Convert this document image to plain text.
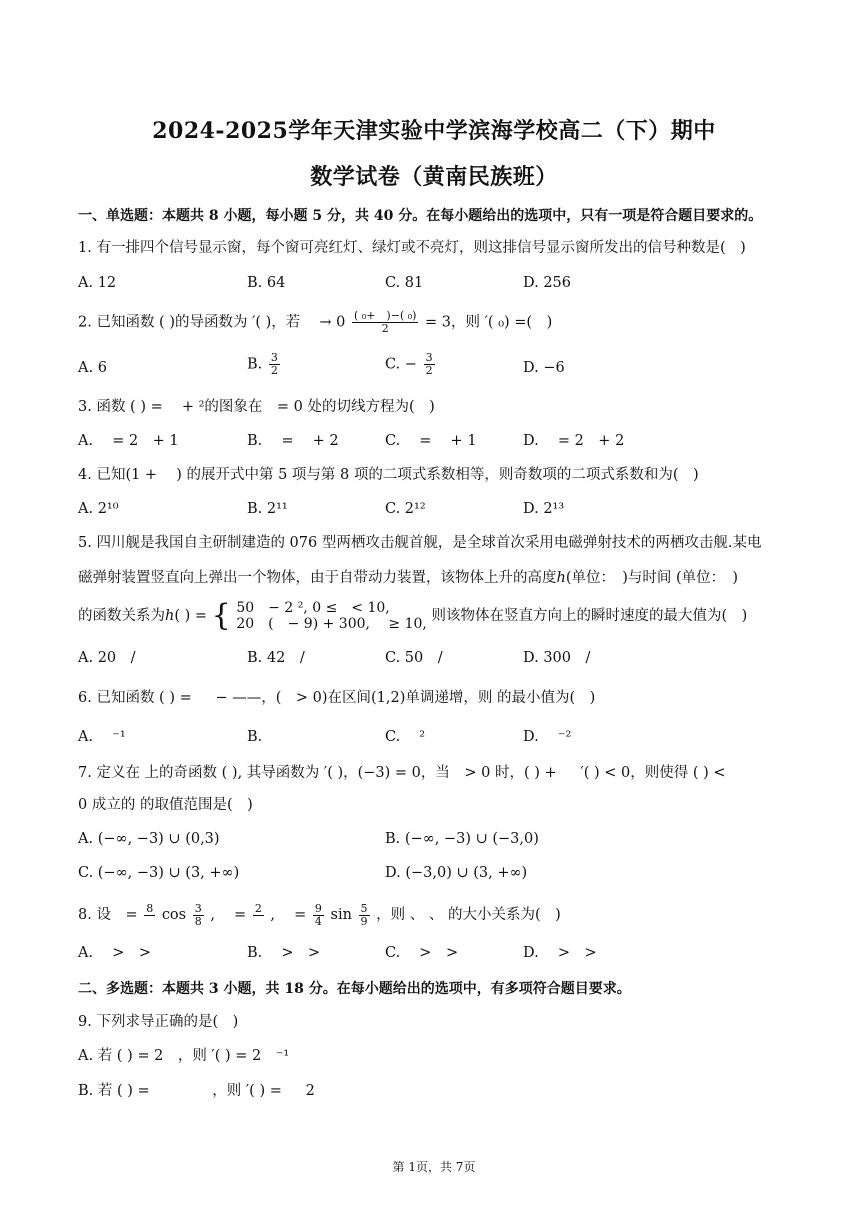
2024-2025学年天津实验中学滨海学校高二（下）期中
数学试卷（黄南民族班）
一、单选题：本题共 8 小题，每小题 5 分，共 40 分。在每小题给出的选项中，只有一项是符合题目要求的。
1. 有一排四个信号显示窗，每个窗可亮红灯、绿灯或不亮灯，则这排信号显示窗所发出的信号种数是(　)
A. 12	B. 64	C. 81	D. 256
2. 已知函数 ( )的导函数为 ′( )，若　 → $0 \frac{\text{( ₀+　)−( ₀)}}{2} = 3$，则 ′( ₀) =(　)
A. 6	B. $\frac{3}{2}$	C. − $\frac{3}{2}$	D. −6
3. 函数 ( ) = 　+ ²的图象在　= 0 处的切线方程为(　)
A. 　= 2　+ 1	B. 　= 　+ 2	C. 　= 　+ 1	D. 　= 2　+ 2
4. 已知(1 + 　) 的展开式中第 5 项与第 8 项的二项式系数相等，则奇数项的二项式系数和为(　)
A. 2¹⁰	B. 2¹¹	C. 2¹²	D. 2¹³
5. 四川舰是我国自主研制建造的 076 型两栖攻击舰首舰，是全球首次采用电磁弹射技术的两栖攻击舰.某电
磁弹射装置竖直向上弹出一个物体，由于自带动力装置，该物体上升的高度ℎ(单位：　)与时间 (单位：　)
的函数关系为ℎ( ) = { 50　− 2 ², 0 ≤　< 10,
20　(　− 9) + 300, 　≥ 10, 则该物体在竖直方向上的瞬时速度的最大值为(　)
A. 20　/	B. 42　/	C. 50　/	D. 300　/
6. 已知函数 ( ) = 　 − ——，(　> 0)在区间(1,2)单调递增，则 的最小值为(　)
A. 　⁻¹	B.	C. 　²	D. 　⁻²
7. 定义在 上的奇函数 ( ), 其导函数为 ′( )，(−3) = 0，当　> 0 时，( ) + 　 ′( ) < 0，则使得 ( ) <
0 成立的 的取值范围是(　)
A. (−∞, −3) ∪ (0,3)	B. (−∞, −3) ∪ (−3,0)
C. (−∞, −3) ∪ (3, +∞)	D. (−3,0) ∪ (3, +∞)
8. 设　= 8 $\cos \frac{3}{8}$ ,　 = 2 ,　 = $\frac{9}{4}$ $\sin \frac{5}{9}$ ，则 、 、 的大小关系为(　)
A. 　>　>	B. 　>　>	C. 　>　>	D. 　>　>
二、多选题：本题共 3 小题，共 18 分。在每小题给出的选项中，有多项符合题目要求。
9. 下列求导正确的是(　)
A. 若 ( ) = 2　，则 ′( ) = 2　⁻¹
B. 若 ( ) = 　　　　，则 ′( ) = 　 2
第 1页，共 7页
